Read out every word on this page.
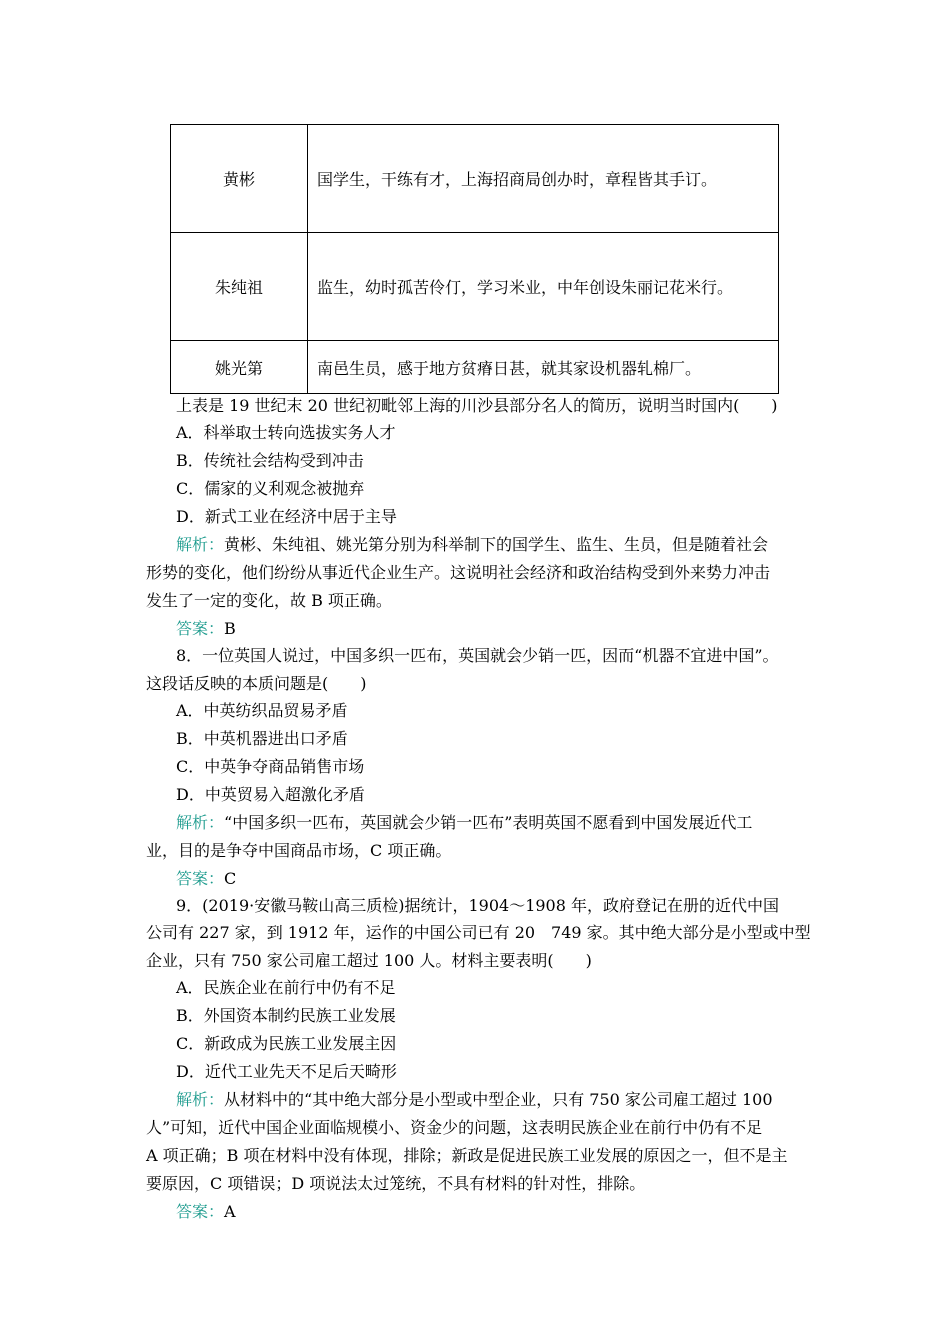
黄彬	国学生，干练有才，上海招商局创办时，章程皆其手订。
朱纯祖	监生，幼时孤苦伶仃，学习米业，中年创设朱丽记花米行。
姚光第	南邑生员，感于地方贫瘠日甚，就其家设机器轧棉厂。
上表是 19 世纪末 20 世纪初毗邻上海的川沙县部分名人的简历，说明当时国内(　　)
A．科举取士转向选拔实务人才
B．传统社会结构受到冲击
C．儒家的义利观念被抛弃
D．新式工业在经济中居于主导
解析：黄彬、朱纯祖、姚光第分别为科举制下的国学生、监生、生员，但是随着社会
形势的变化，他们纷纷从事近代企业生产。这说明社会经济和政治结构受到外来势力冲击
发生了一定的变化，故 B 项正确。
答案：B
8．一位英国人说过，中国多织一匹布，英国就会少销一匹，因而“机器不宜进中国”。
这段话反映的本质问题是(　　)
A．中英纺织品贸易矛盾
B．中英机器进出口矛盾
C．中英争夺商品销售市场
D．中英贸易入超激化矛盾
解析：“中国多织一匹布，英国就会少销一匹布”表明英国不愿看到中国发展近代工
业，目的是争夺中国商品市场，C 项正确。
答案：C
9．(2019·安徽马鞍山高三质检)据统计，1904～1908 年，政府登记在册的近代中国
公司有 227 家，到 1912 年，运作的中国公司已有 20　749 家。其中绝大部分是小型或中型
企业，只有 750 家公司雇工超过 100 人。材料主要表明(　　)
A．民族企业在前行中仍有不足
B．外国资本制约民族工业发展
C．新政成为民族工业发展主因
D．近代工业先天不足后天畸形
解析：从材料中的“其中绝大部分是小型或中型企业，只有 750 家公司雇工超过 100
人”可知，近代中国企业面临规模小、资金少的问题，这表明民族企业在前行中仍有不足
A 项正确；B 项在材料中没有体现，排除；新政是促进民族工业发展的原因之一，但不是主
要原因，C 项错误；D 项说法太过笼统，不具有材料的针对性，排除。
答案：A
